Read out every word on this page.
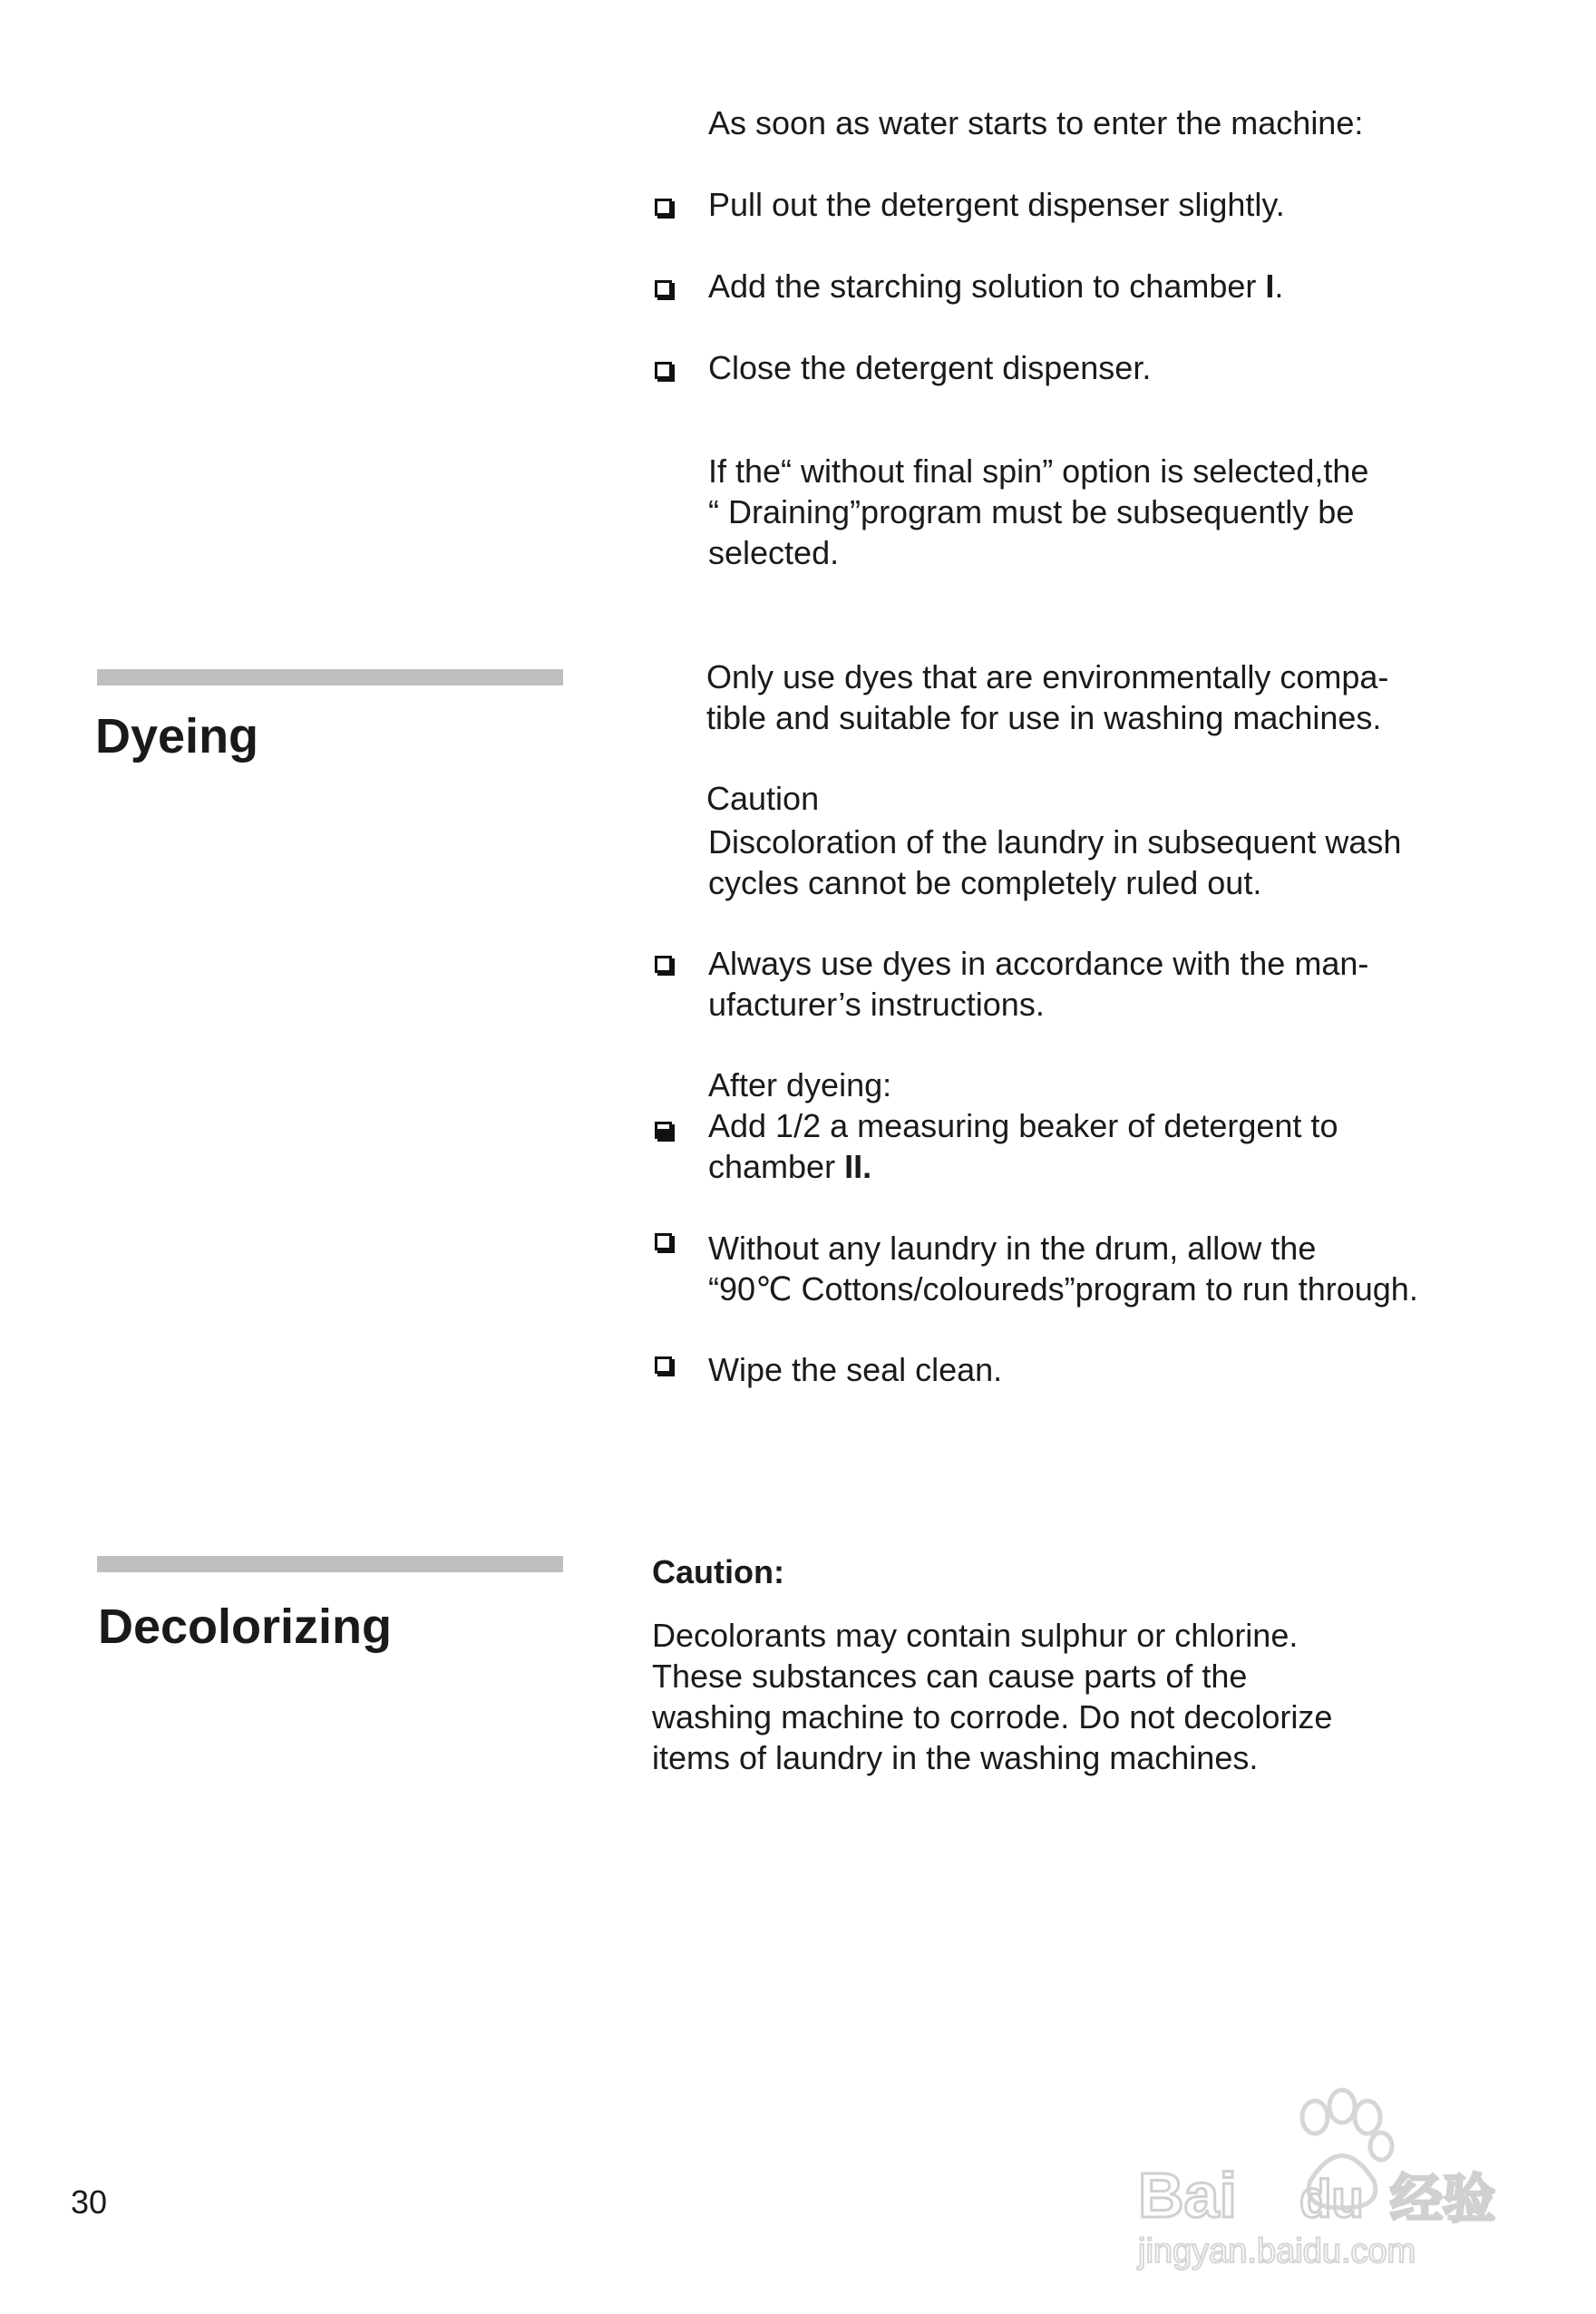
As soon as water starts to enter the machine:
Pull out the detergent dispenser slightly.
Add the starching solution to chamber I.
Close the detergent dispenser.
If the“ without final spin” option is selected,the
“ Draining”program must be subsequently be
selected.
Dyeing
Only use dyes that are environmentally compa-
tible and suitable for use in washing machines.
Caution
Discoloration of the laundry in subsequent wash
cycles cannot be completely ruled out.
Always use dyes in accordance with the man-
ufacturer’s instructions.
After dyeing:
Add 1/2 a measuring beaker of detergent to
chamber II.
Without any laundry in the drum, allow the
“90℃ Cottons/coloureds”program to run through.
Wipe the seal clean.
Decolorizing
Caution:
Decolorants may contain sulphur or chlorine.
These substances can cause parts of the
washing machine to corrode. Do not decolorize
items of laundry in the washing machines.
30	Bai du 经验
jingyan.baidu.com
